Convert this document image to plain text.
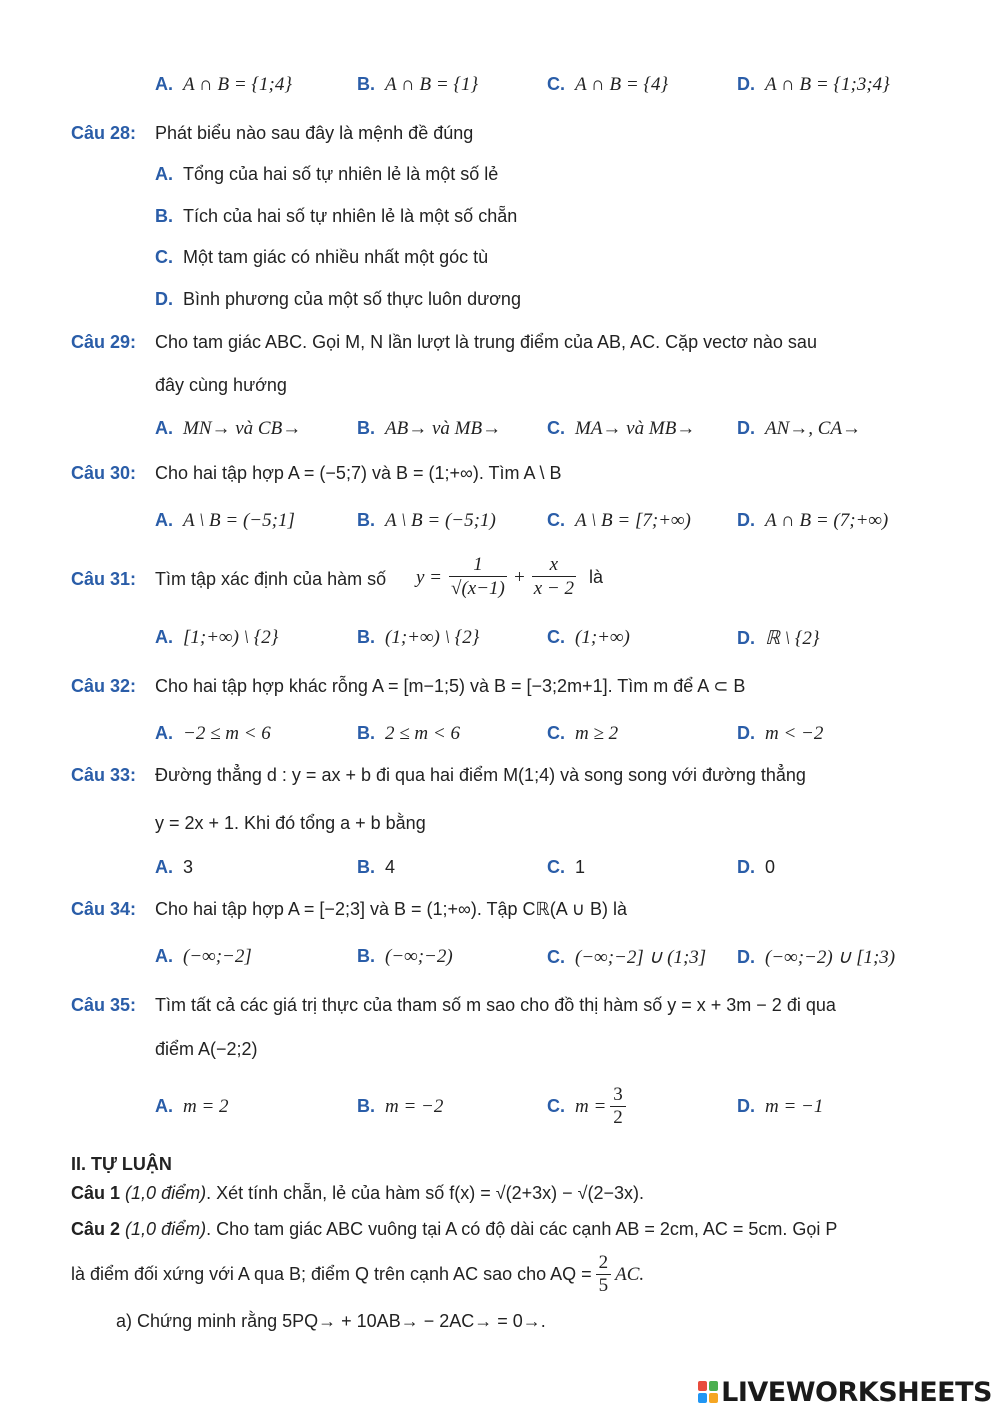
A. A ∩ B = {1;4}	B. A ∩ B = {1}	C. A ∩ B = {4}	D. A ∩ B = {1;3;4}
Câu 28: Phát biểu nào sau đây là mệnh đề đúng
A. Tổng của hai số tự nhiên lẻ là một số lẻ
B. Tích của hai số tự nhiên lẻ là một số chẵn
C. Một tam giác có nhiều nhất một góc tù
D. Bình phương của một số thực luôn dương
Câu 29: Cho tam giác ABC. Gọi M, N lần lượt là trung điểm của AB, AC. Cặp vectơ nào sau
đây cùng hướng
A. MN→ và CB→	B. AB→ và MB→	C. MA→ và MB→ D. AN→, CA→
Câu 30: Cho hai tập hợp A = (−5;7) và B = (1;+∞). Tìm A \ B
A. A \ B = (−5;1]	B. A \ B = (−5;1)	C. A \ B = [7;+∞)	D. A ∩ B = (7;+∞)
Câu 31: Tìm tập xác định của hàm số $y = \frac{1}{√(x-1)} + \frac{x}{x - 2}$ là
A. [1;+∞) \ {2}	B. (1;+∞) \ {2}	C. (1;+∞)	D. ℝ \ {2}
Câu 32: Cho hai tập hợp khác rỗng A = [m−1;5) và B = [−3;2m+1]. Tìm m để A ⊂ B
A. −2 ≤ m < 6	B. 2 ≤ m < 6	C. m ≥ 2	D. m < −2
Câu 33: Đường thẳng d : y = ax + b đi qua hai điểm M(1;4) và song song với đường thẳng
y = 2x + 1. Khi đó tổng a + b bằng
A. 3	B. 4	C. 1	D. 0
Câu 34: Cho hai tập hợp A = [−2;3] và B = (1;+∞). Tập Cℝ(A ∪ B) là
A. (−∞;−2]	B. (−∞;−2)	C. (−∞;−2] ∪ (1;3] D. (−∞;−2) ∪ [1;3)
Câu 35: Tìm tất cả các giá trị thực của tham số m sao cho đồ thị hàm số y = x + 3m − 2 đi qua
điểm A(−2;2)
A. m = 2	B. m = −2	C. $m = \frac{3}{2}$	D. m = −1
II. TỰ LUẬN
Câu 1 (1,0 điểm). Xét tính chẵn, lẻ của hàm số f(x) = √(2+3x) − √(2−3x).
Câu 2 (1,0 điểm). Cho tam giác ABC vuông tại A có độ dài các cạnh AB = 2cm, AC = 5cm. Gọi P
là điểm đối xứng với A qua B; điểm Q trên cạnh AC sao cho AQ = $\frac{2}{5}$ AC.
a) Chứng minh rằng 5PQ→ + 10AB→ − 2AC→ = 0→.
LIVEWORKSHEETS
